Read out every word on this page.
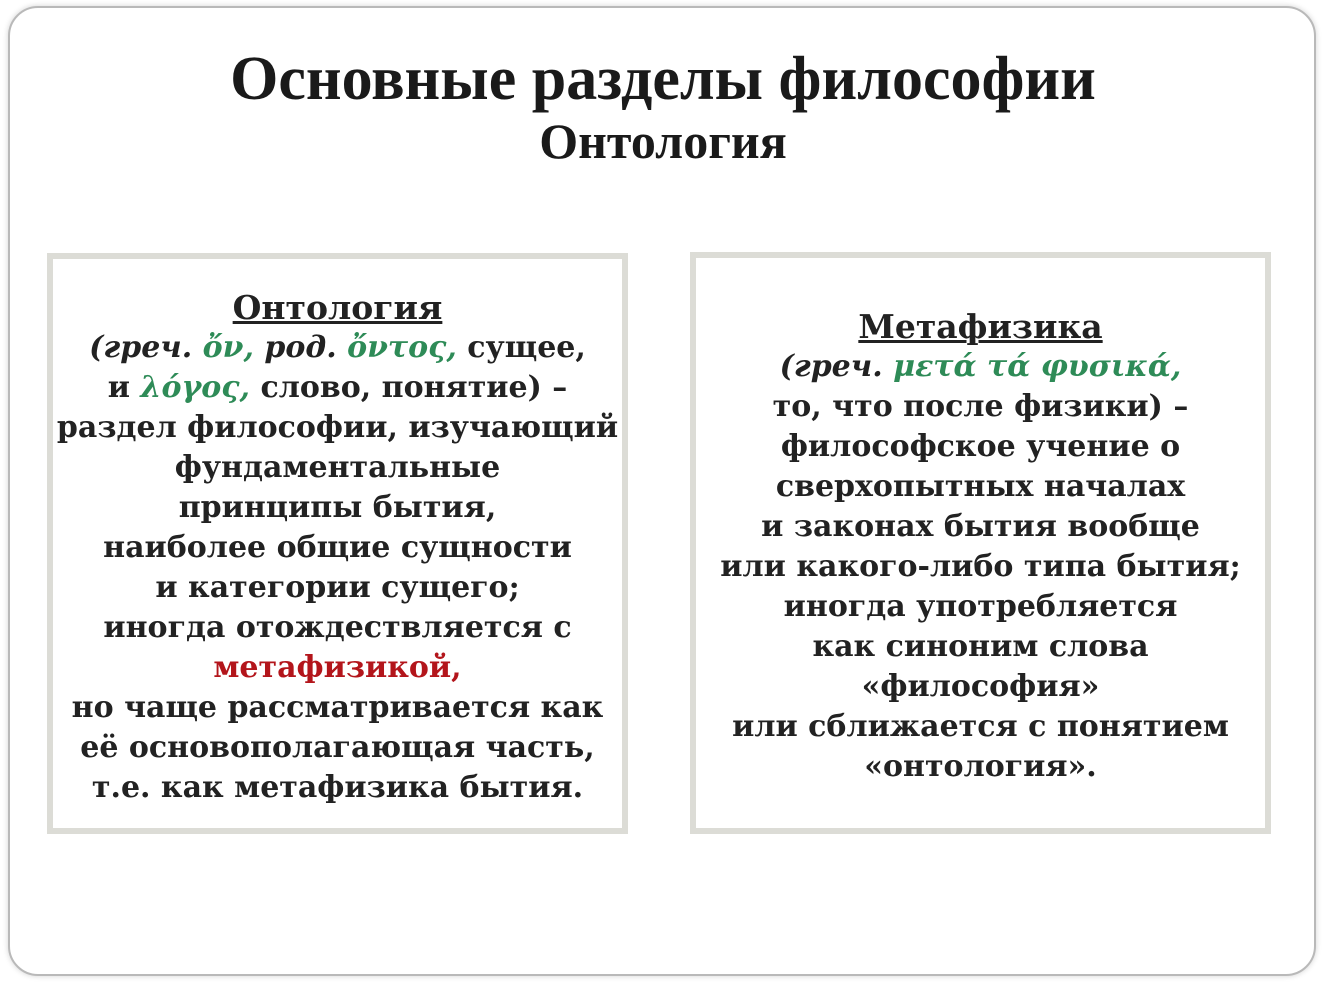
Основные разделы философии
Онтология
Онтология
(греч. ὄν, род. ὄντος, сущее,
и λόγος, слово, понятие) –
раздел философии, изучающий
фундаментальные
принципы бытия,
наиболее общие сущности
и категории сущего;
иногда отождествляется с
метафизикой,
но чаще рассматривается как
её основополагающая часть,
т.е. как метафизика бытия.
Метафизика
(греч. μετά τά φυσικά,
то, что после физики) –
философское учение о
сверхопытных началах
и законах бытия вообще
или какого-либо типа бытия;
иногда употребляется
как синоним слова
«философия»
или сближается с понятием
«онтология».
